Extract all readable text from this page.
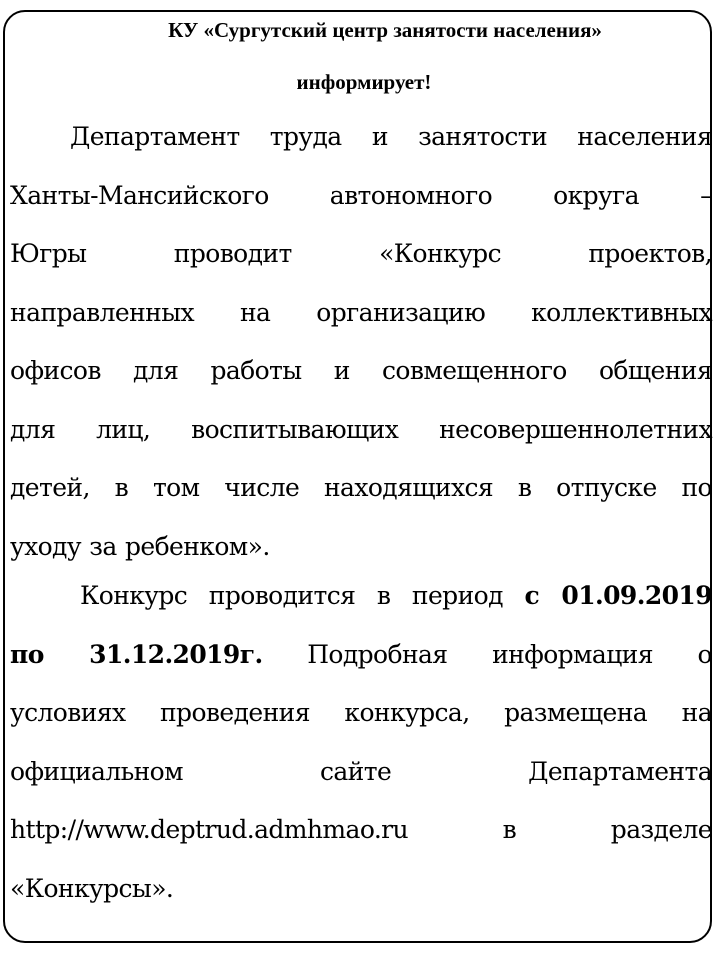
КУ «Сургутский центр занятости населения»
информирует!
Департамент труда и занятости населения
Ханты-Мансийского автономного округа –
Югры проводит «Конкурс проектов,
направленных на организацию коллективных
офисов для работы и совмещенного общения
для лиц, воспитывающих несовершеннолетних
детей, в том числе находящихся в отпуске по
уходу за ребенком».
Конкурс проводится в период с 01.09.2019
по 31.12.2019г. Подробная информация о
условиях проведения конкурса, размещена на
официальном сайте Департамента
http://www.deptrud.admhmao.ru в разделе
«Конкурсы».
